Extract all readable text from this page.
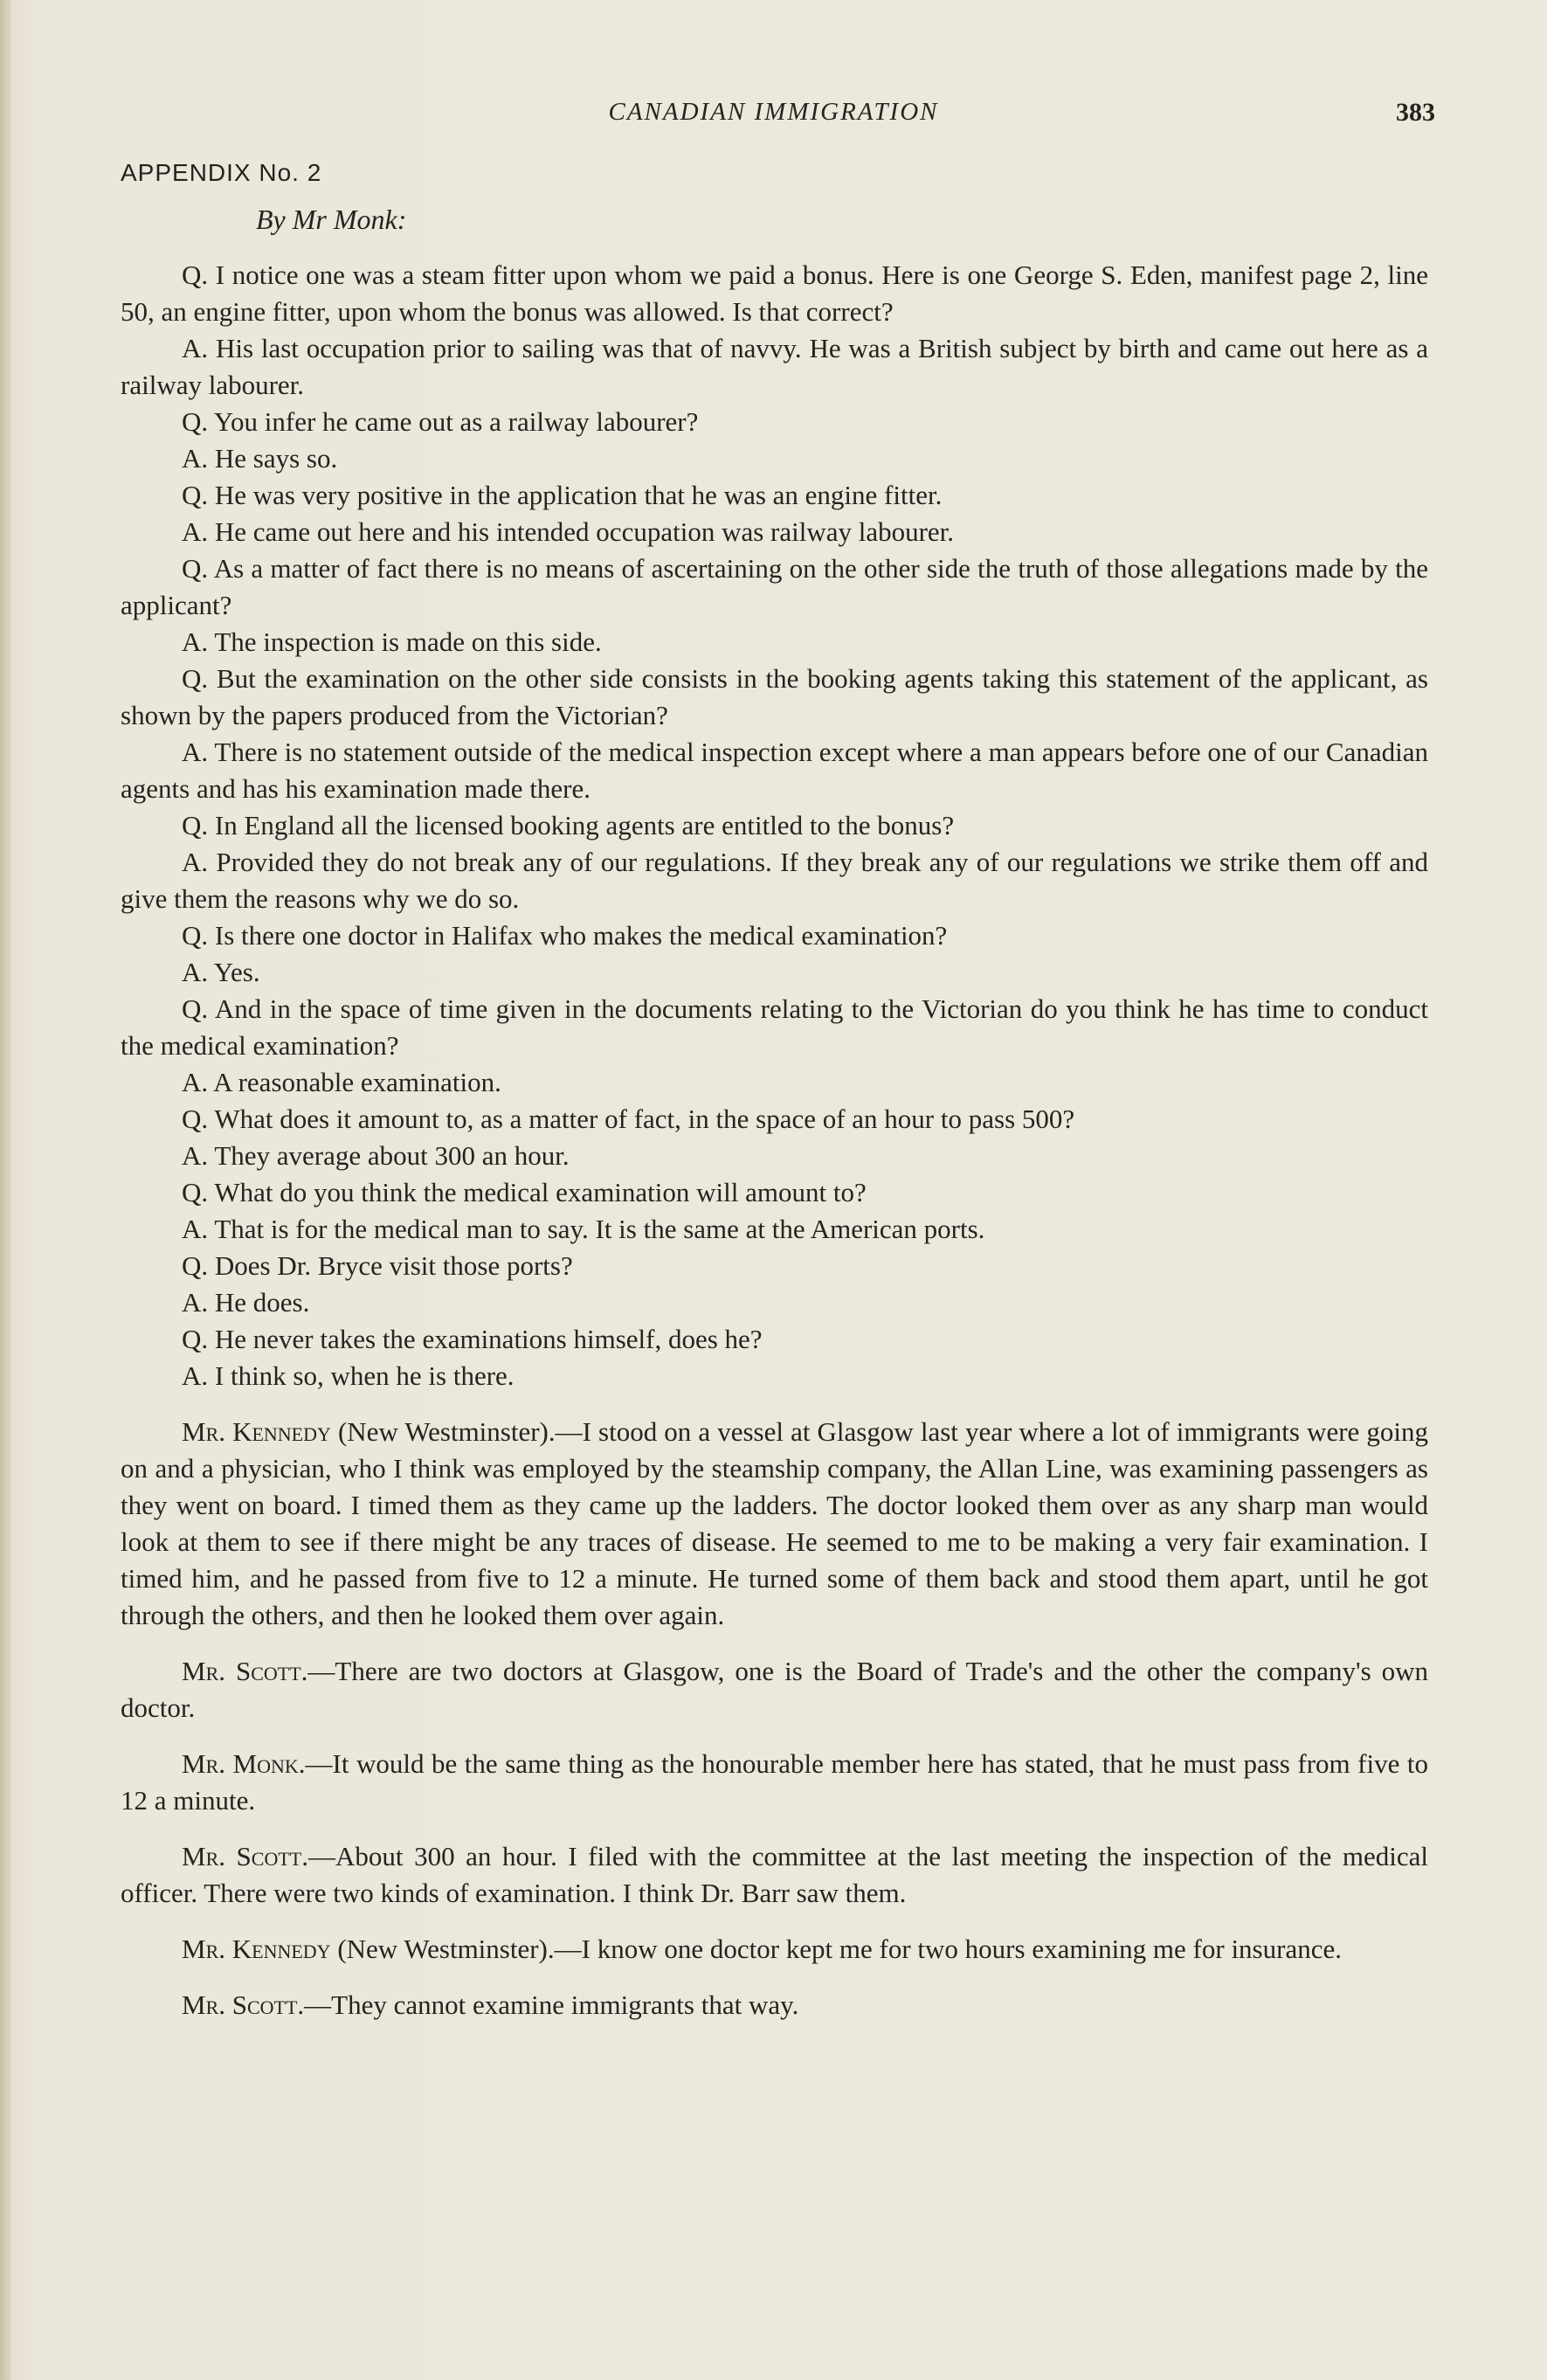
CANADIAN IMMIGRATION	383
APPENDIX No. 2
By Mr Monk:

Q. I notice one was a steam fitter upon whom we paid a bonus. Here is one George S. Eden, manifest page 2, line 50, an engine fitter, upon whom the bonus was allowed. Is that correct?

A. His last occupation prior to sailing was that of navvy. He was a British subject by birth and came out here as a railway labourer.

Q. You infer he came out as a railway labourer?

A. He says so.

Q. He was very positive in the application that he was an engine fitter.

A. He came out here and his intended occupation was railway labourer.

Q. As a matter of fact there is no means of ascertaining on the other side the truth of those allegations made by the applicant?

A. The inspection is made on this side.

Q. But the examination on the other side consists in the booking agents taking this statement of the applicant, as shown by the papers produced from the Victorian?

A. There is no statement outside of the medical inspection except where a man appears before one of our Canadian agents and has his examination made there.

Q. In England all the licensed booking agents are entitled to the bonus?

A. Provided they do not break any of our regulations. If they break any of our regulations we strike them off and give them the reasons why we do so.

Q. Is there one doctor in Halifax who makes the medical examination?

A. Yes.

Q. And in the space of time given in the documents relating to the Victorian do you think he has time to conduct the medical examination?

A. A reasonable examination.

Q. What does it amount to, as a matter of fact, in the space of an hour to pass 500?

A. They average about 300 an hour.

Q. What do you think the medical examination will amount to?

A. That is for the medical man to say. It is the same at the American ports.

Q. Does Dr. Bryce visit those ports?

A. He does.

Q. He never takes the examinations himself, does he?

A. I think so, when he is there.

Mr. Kennedy (New Westminster).—I stood on a vessel at Glasgow last year where a lot of immigrants were going on and a physician, who I think was employed by the steamship company, the Allan Line, was examining passengers as they went on board. I timed them as they came up the ladders. The doctor looked them over as any sharp man would look at them to see if there might be any traces of disease. He seemed to me to be making a very fair examination. I timed him, and he passed from five to 12 a minute. He turned some of them back and stood them apart, until he got through the others, and then he looked them over again.

Mr. Scott.—There are two doctors at Glasgow, one is the Board of Trade's and the other the company's own doctor.

Mr. Monk.—It would be the same thing as the honourable member here has stated, that he must pass from five to 12 a minute.

Mr. Scott.—About 300 an hour. I filed with the committee at the last meeting the inspection of the medical officer. There were two kinds of examination. I think Dr. Barr saw them.

Mr. Kennedy (New Westminster).—I know one doctor kept me for two hours examining me for insurance.

Mr. Scott.—They cannot examine immigrants that way.
